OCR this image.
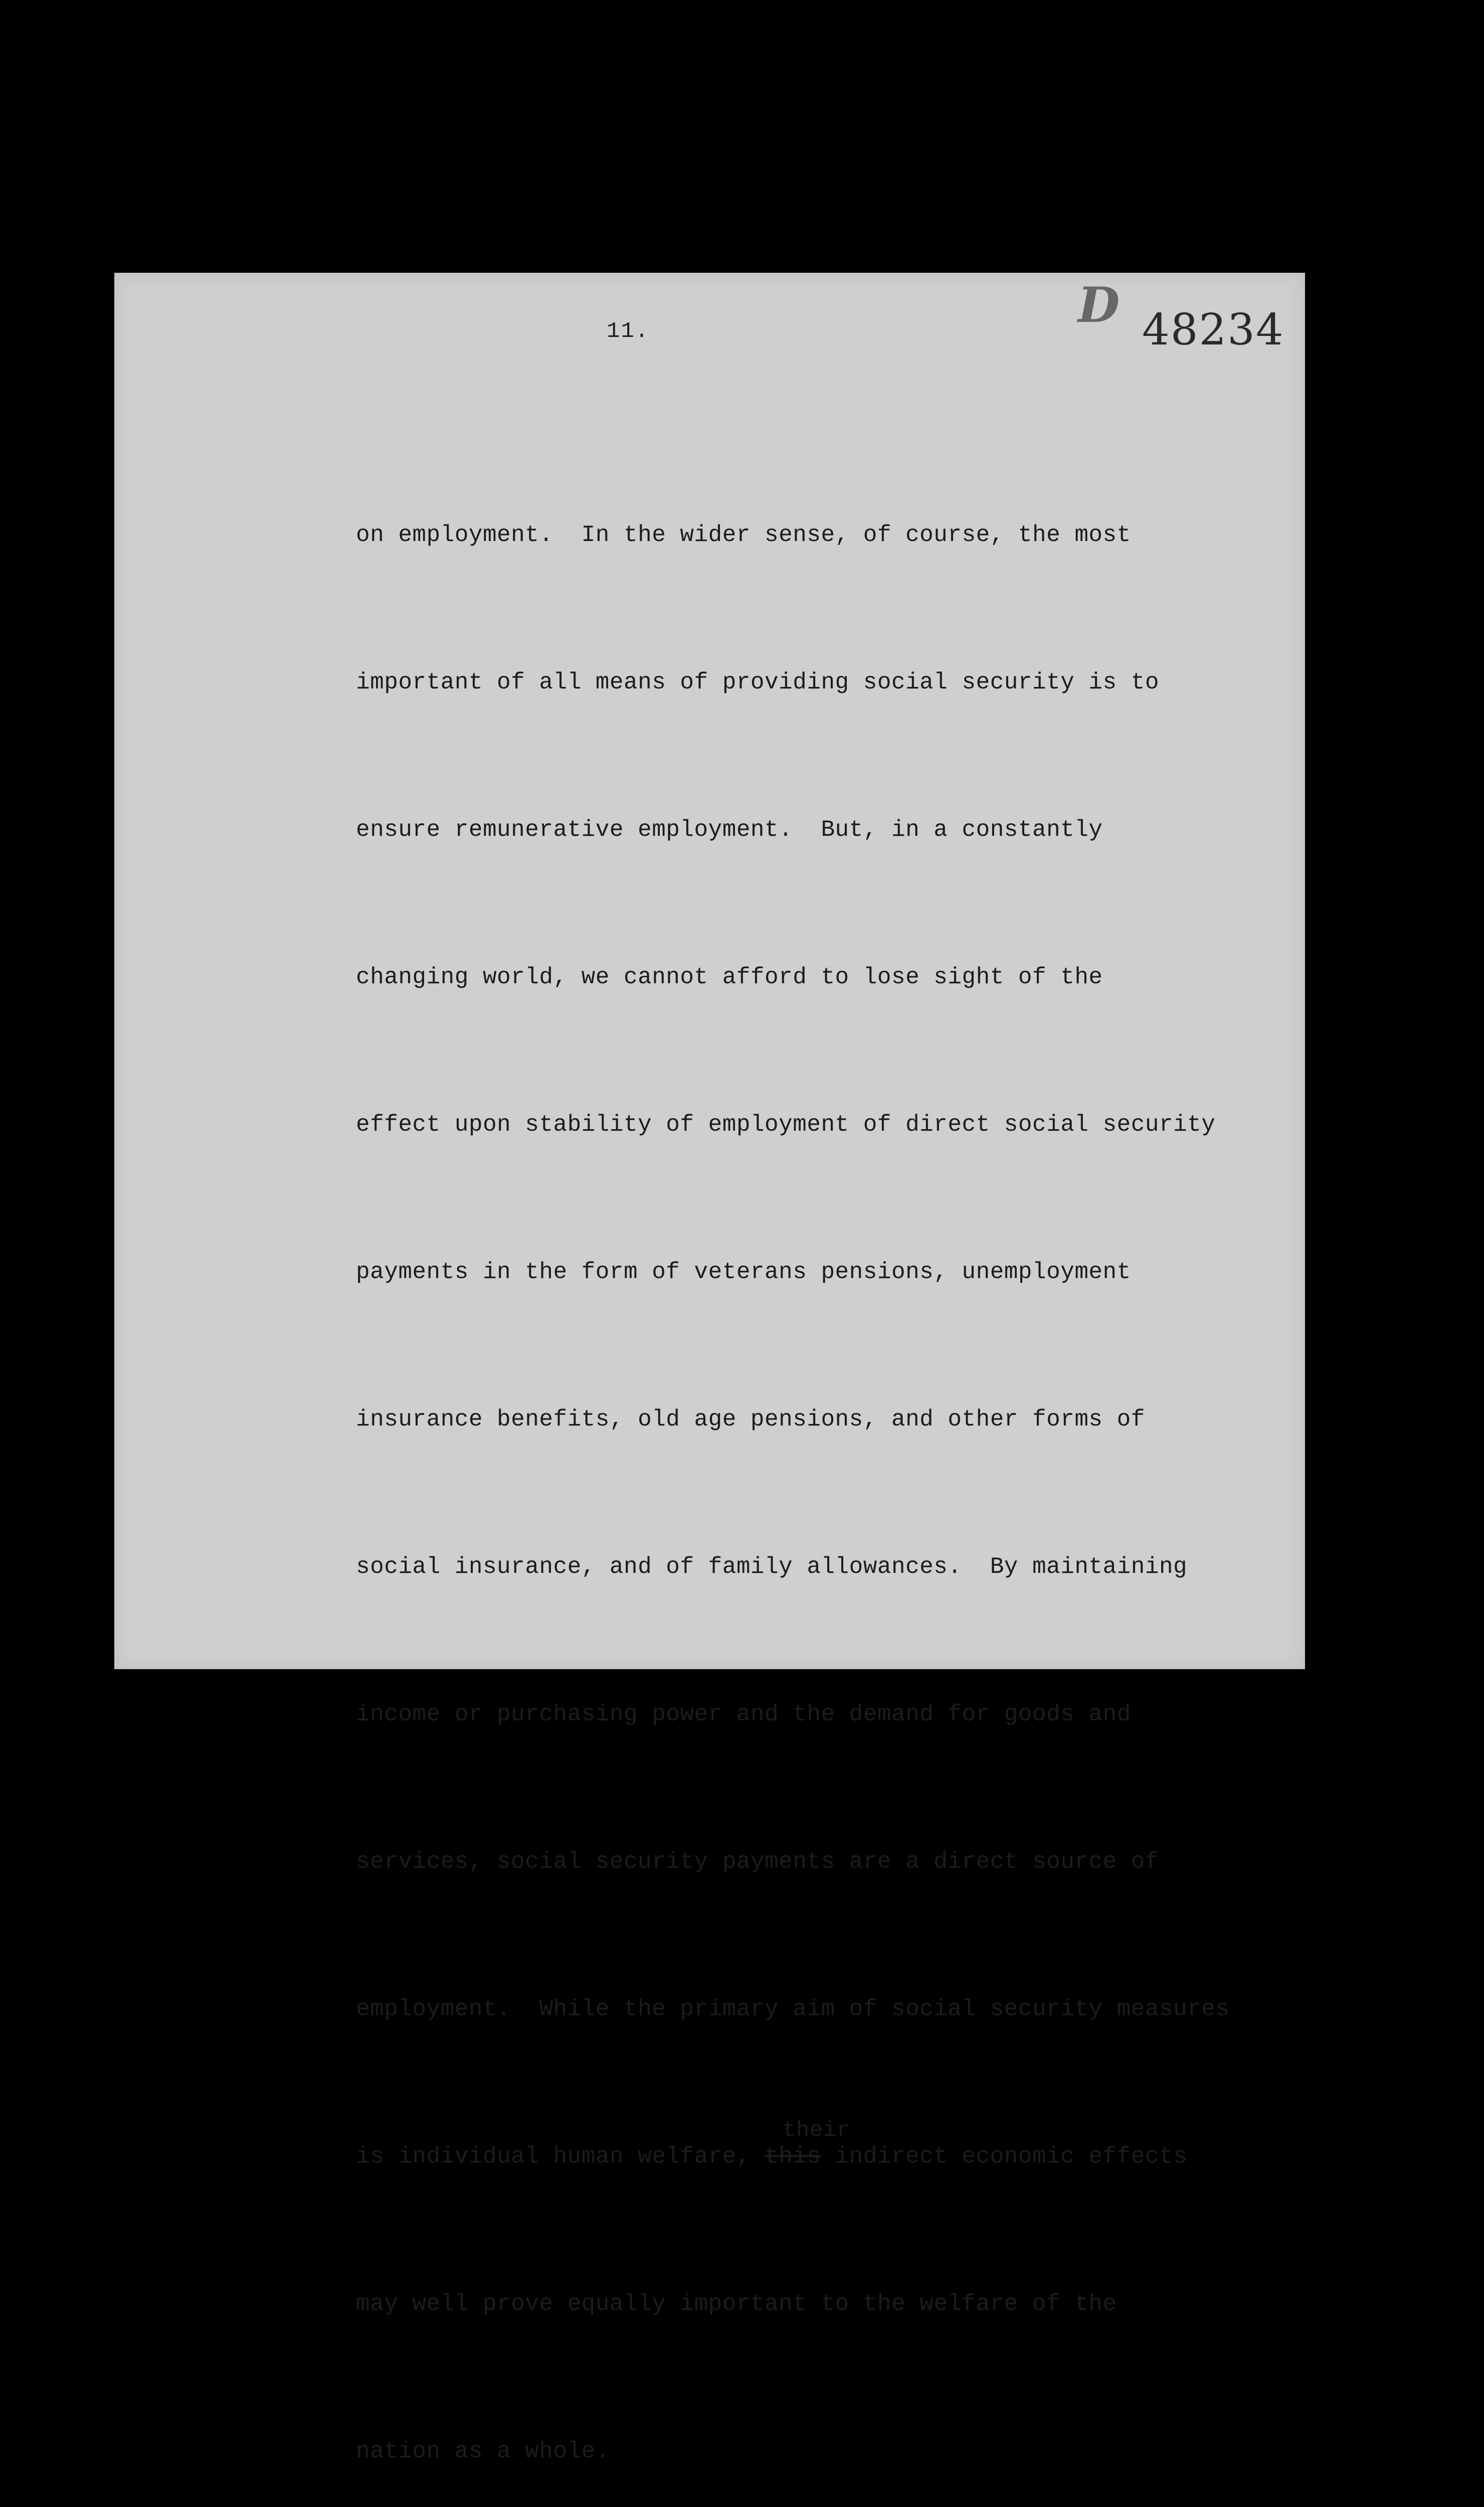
D 48234
11.

on employment.  In the wider sense, of course, the most

important of all means of providing social security is to

ensure remunerative employment.  But, in a constantly

changing world, we cannot afford to lose sight of the

effect upon stability of employment of direct social security

payments in the form of veterans pensions, unemployment

insurance benefits, old age pensions, and other forms of

social insurance, and of family allowances.  By maintaining

income or purchasing power and the demand for goods and

services, social security payments are a direct source of

employment.  While the primary aim of social security measures

their
is individual human welfare, this indirect economic effects

may well prove equally important to the welfare of the

nation as a whole.
